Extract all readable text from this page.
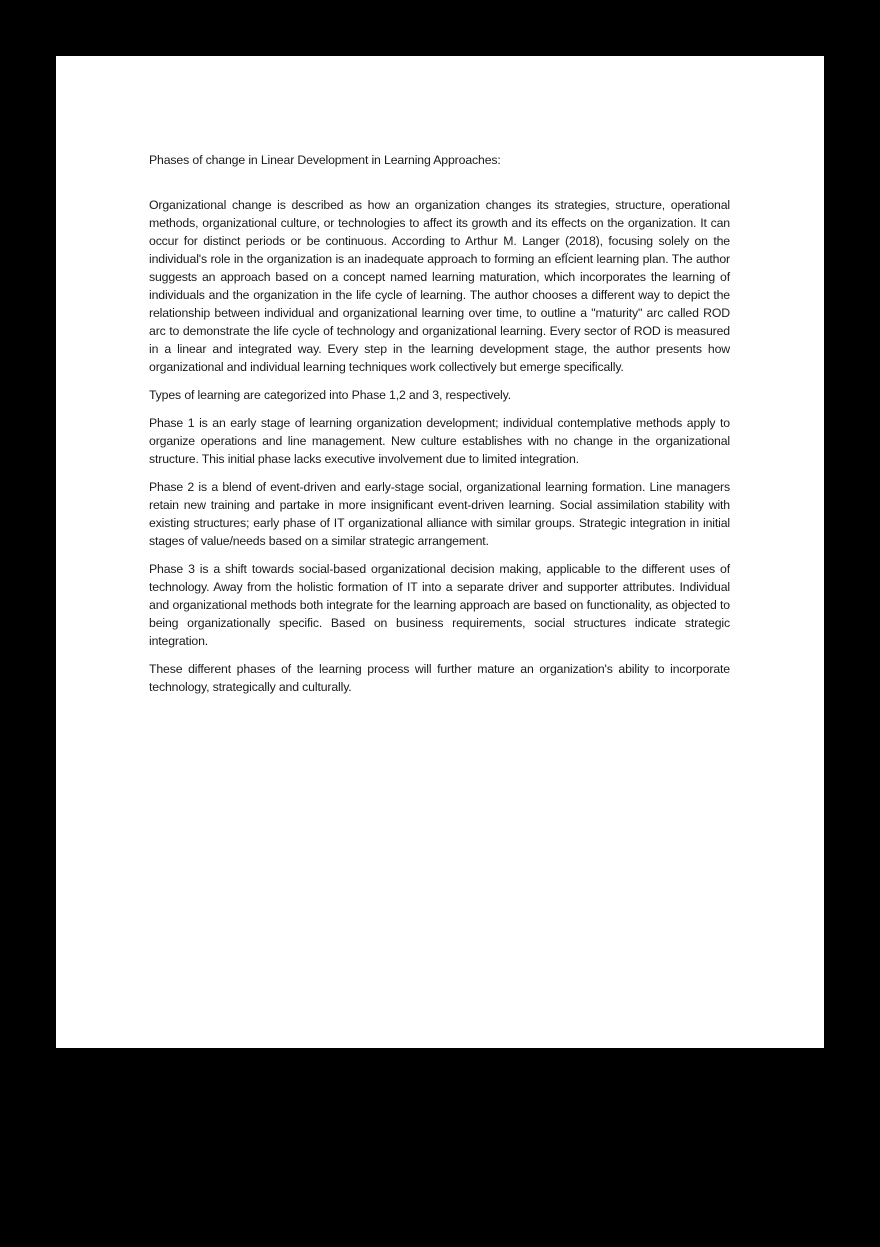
Phases of change in Linear Development in Learning Approaches:

Organizational change is described as how an organization changes its strategies, structure, operational methods, organizational culture, or technologies to affect its growth and its effects on the organization. It can occur for distinct periods or be continuous. According to Arthur M. Langer (2018), focusing solely on the individual's role in the organization is an inadequate approach to forming an efÏcient learning plan. The author suggests an approach based on a concept named learning maturation, which incorporates the learning of individuals and the organization in the life cycle of learning. The author chooses a different way to depict the relationship between individual and organizational learning over time, to outline a "maturity" arc called ROD arc to demonstrate the life cycle of technology and organizational learning. Every sector of ROD is measured in a linear and integrated way. Every step in the learning development stage, the author presents how organizational and individual learning techniques work collectively but emerge specifically.

Types of learning are categorized into Phase 1,2 and 3, respectively.

Phase 1 is an early stage of learning organization development; individual contemplative methods apply to organize operations and line management. New culture establishes with no change in the organizational structure. This initial phase lacks executive involvement due to limited integration.

Phase 2 is a blend of event-driven and early-stage social, organizational learning formation. Line managers retain new training and partake in more insignificant event-driven learning. Social assimilation stability with existing structures; early phase of IT organizational alliance with similar groups. Strategic integration in initial stages of value/needs based on a similar strategic arrangement.

Phase 3 is a shift towards social-based organizational decision making, applicable to the different uses of technology. Away from the holistic formation of IT into a separate driver and supporter attributes. Individual and organizational methods both integrate for the learning approach are based on functionality, as objected to being organizationally specific. Based on business requirements, social structures indicate strategic integration.

These different phases of the learning process will further mature an organization's ability to incorporate technology, strategically and culturally.
